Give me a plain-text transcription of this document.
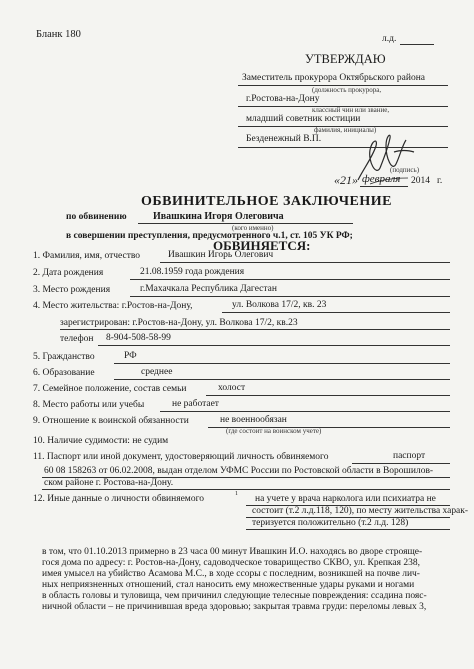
Бланк 180	л.д.
УТВЕРЖДАЮ
Заместитель прокурора Октябрьского района
(должность прокурора,
г.Ростова-на-Дону
классный чин или звание,
младший советник юстиции
фамилия, инициалы)
Безденежный В.П.
(подпись)
«21» февраля 2014 г.
ОБВИНИТЕЛЬНОЕ ЗАКЛЮЧЕНИЕ
по обвинению	Ивашкина Игоря Олеговича
(кого именно)
в совершении преступления, предусмотренного ч.1, ст. 105 УК РФ;
ОБВИНЯЕТСЯ:
1. Фамилия, имя, отчество	Ивашкин Игорь Олегович
2. Дата рождения	21.08.1959 года рождения
3. Место рождения	г.Махачкала Республика Дагестан
4. Место жительства: г.Ростов-на-Дону,	ул. Волкова 17/2, кв. 23
зарегистрирован: г.Ростов-на-Дону, ул. Волкова 17/2, кв.23
телефон 8-904-508-58-99
5. Гражданство	РФ
6. Образование	среднее
7. Семейное положение, состав семьи	холост
8. Место работы или учебы	не работает
9. Отношение к воинской обязанности	не военнообязан
(где состоит на воинском учете)
10. Наличие судимости: не судим
11. Паспорт или иной документ, удостоверяющий личность обвиняемого	паспорт
60 08 158263 от 06.02.2008, выдан отделом УФМС России по Ростовской области в Ворошилов-
ском районе г. Ростова-на-Дону.
12. Иные данные о личности обвиняемого	1 на учете у врача нарколога или психиатра не
состоит (т.2 л.д.118, 120), по месту жительства харак-
теризуется положительно (т.2 л.д. 128)
в том, что 01.10.2013 примерно в 23 часа 00 минут Ивашкин И.О. находясь во дворе строяще-
гося дома по адресу: г. Ростов-на-Дону, садоводческое товарищество СКВО, ул. Крепкая 238,
имея умысел на убийство Асамова М.С., в ходе ссоры с последним, возникшей на почве лич-
ных неприязненных отношений, стал наносить ему множественные удары руками и ногами
в область головы и туловища, чем причинил следующие телесные повреждения: ссадина пояс-
ничной области – не причинившая вреда здоровью; закрытая травма груди: переломы левых 3,
